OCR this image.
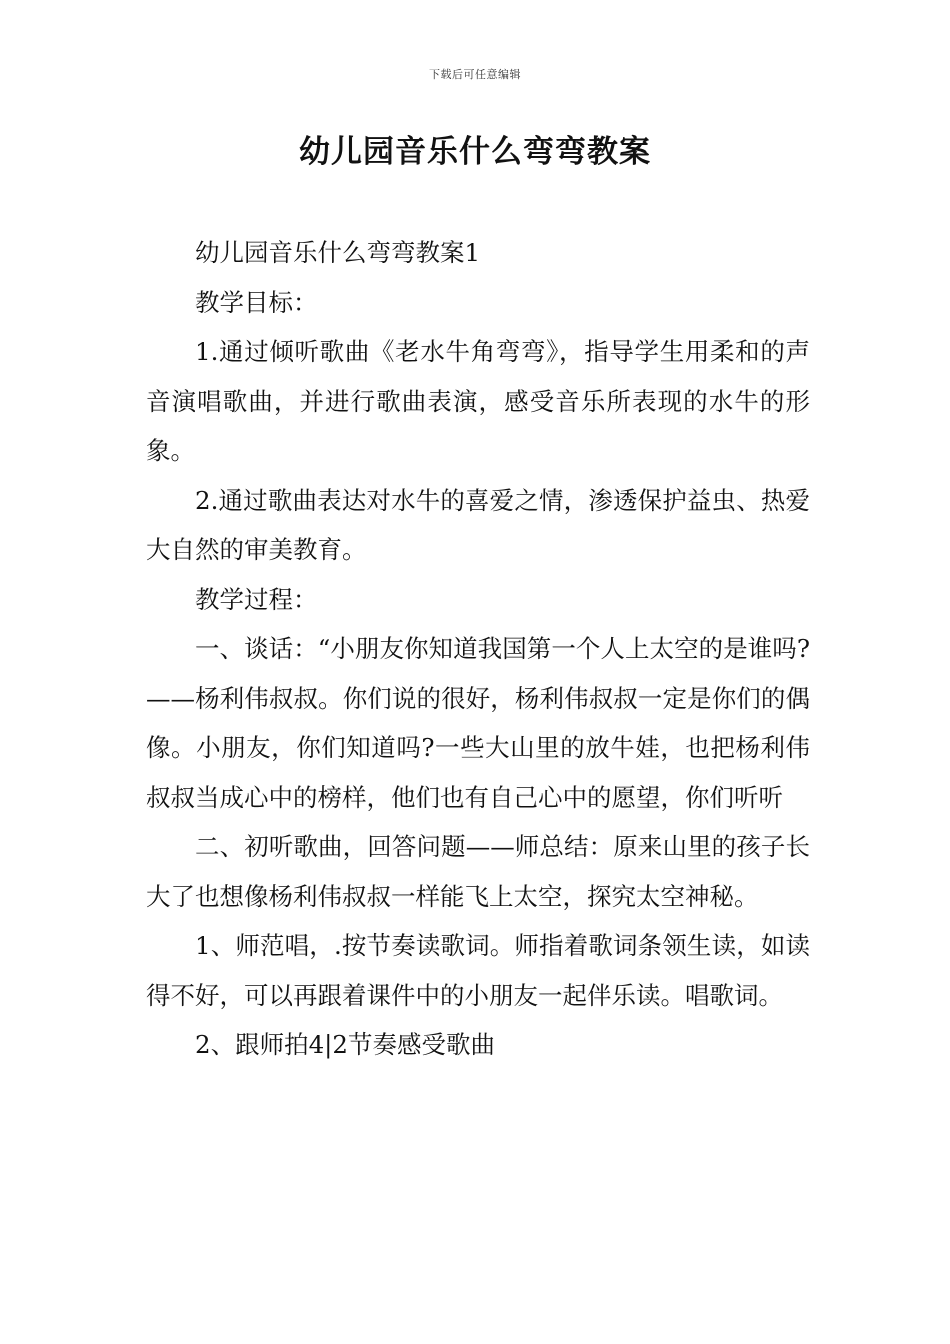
下载后可任意编辑
幼儿园音乐什么弯弯教案

幼儿园音乐什么弯弯教案1

教学目标：

1.通过倾听歌曲《老水牛角弯弯》，指导学生用柔和的声音演唱歌曲，并进行歌曲表演，感受音乐所表现的水牛的形象。

2.通过歌曲表达对水牛的喜爱之情，渗透保护益虫、热爱大自然的审美教育。

教学过程：

一、谈话：“小朋友你知道我国第一个人上太空的是谁吗?——杨利伟叔叔。你们说的很好，杨利伟叔叔一定是你们的偶像。小朋友，你们知道吗?一些大山里的放牛娃，也把杨利伟叔叔当成心中的榜样，他们也有自己心中的愿望，你们听听

二、初听歌曲，回答问题——师总结：原来山里的孩子长大了也想像杨利伟叔叔一样能飞上太空，探究太空神秘。

1、师范唱，.按节奏读歌词。师指着歌词条领生读，如读得不好，可以再跟着课件中的小朋友一起伴乐读。唱歌词。

2、跟师拍4|2节奏感受歌曲
